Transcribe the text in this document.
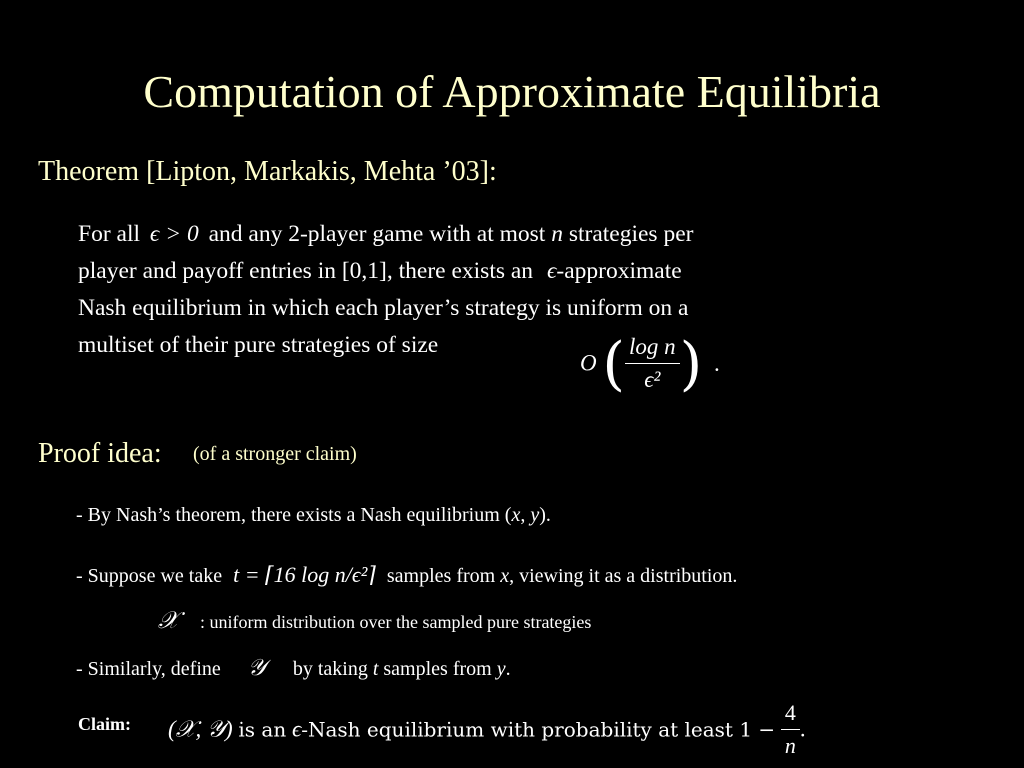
Computation of Approximate Equilibria
Theorem [Lipton, Markakis, Mehta ’03]:
For all ϵ > 0 and any 2-player game with at most n strategies per
player and payoff entries in [0,1], there exists an ϵ-approximate
Nash equilibrium in which each player’s strategy is uniform on a
multiset of their pure strategies of size
O ( $\frac{\text{log n}}{\text{ϵ²}}$ ) .
Proof idea: (of a stronger claim)
- By Nash’s theorem, there exists a Nash equilibrium (x, y).
- Suppose we take t = ⌈16 log n/ϵ²⌉ samples from x, viewing it as a distribution.
𝒳 : uniform distribution over the sampled pure strategies
- Similarly, define 𝒴 by taking t samples from y.
Claim: (𝒳, 𝒴) is an ϵ-Nash equilibrium with probability at least $1 - \frac{4}{n}$ .
